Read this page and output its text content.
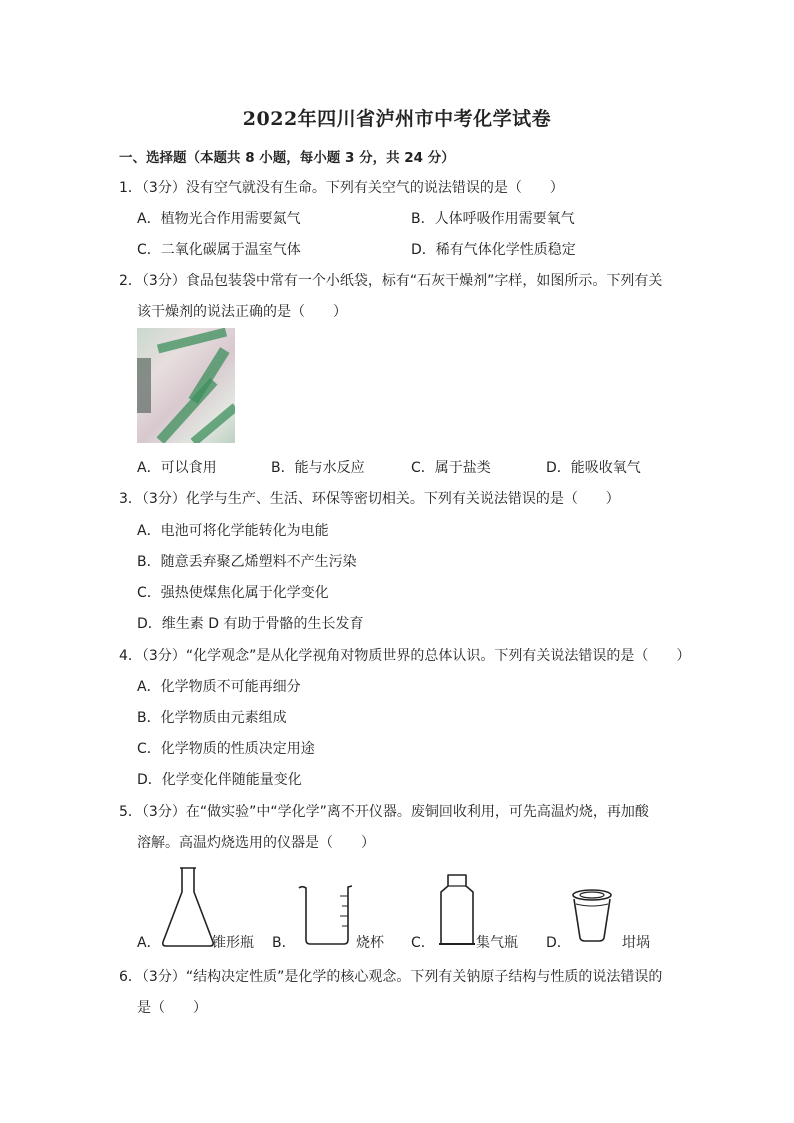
2022年四川省泸州市中考化学试卷
一、选择题（本题共 8 小题，每小题 3 分，共 24 分）
1．（3分）没有空气就没有生命。下列有关空气的说法错误的是（　　）
A．植物光合作用需要氮气	B．人体呼吸作用需要氧气
C．二氧化碳属于温室气体	D．稀有气体化学性质稳定
2．（3分）食品包装袋中常有一个小纸袋，标有“石灰干燥剂”字样，如图所示。下列有关
该干燥剂的说法正确的是（　　）
A．可以食用	B．能与水反应	C．属于盐类	D．能吸收氧气
3．（3分）化学与生产、生活、环保等密切相关。下列有关说法错误的是（　　）
A．电池可将化学能转化为电能
B．随意丢弃聚乙烯塑料不产生污染
C．强热使煤焦化属于化学变化
D．维生素 D 有助于骨骼的生长发育
4．（3分）“化学观念”是从化学视角对物质世界的总体认识。下列有关说法错误的是（　　）
A．化学物质不可能再细分
B．化学物质由元素组成
C．化学物质的性质决定用途
D．化学变化伴随能量变化
5．（3分）在“做实验”中“学化学”离不开仪器。废铜回收利用，可先高温灼烧，再加酸
溶解。高温灼烧选用的仪器是（　　）
A．	锥形瓶 B．	烧杯 C．	集气瓶 D．	坩埚
6．（3分）“结构决定性质”是化学的核心观念。下列有关钠原子结构与性质的说法错误的
是（　　）
